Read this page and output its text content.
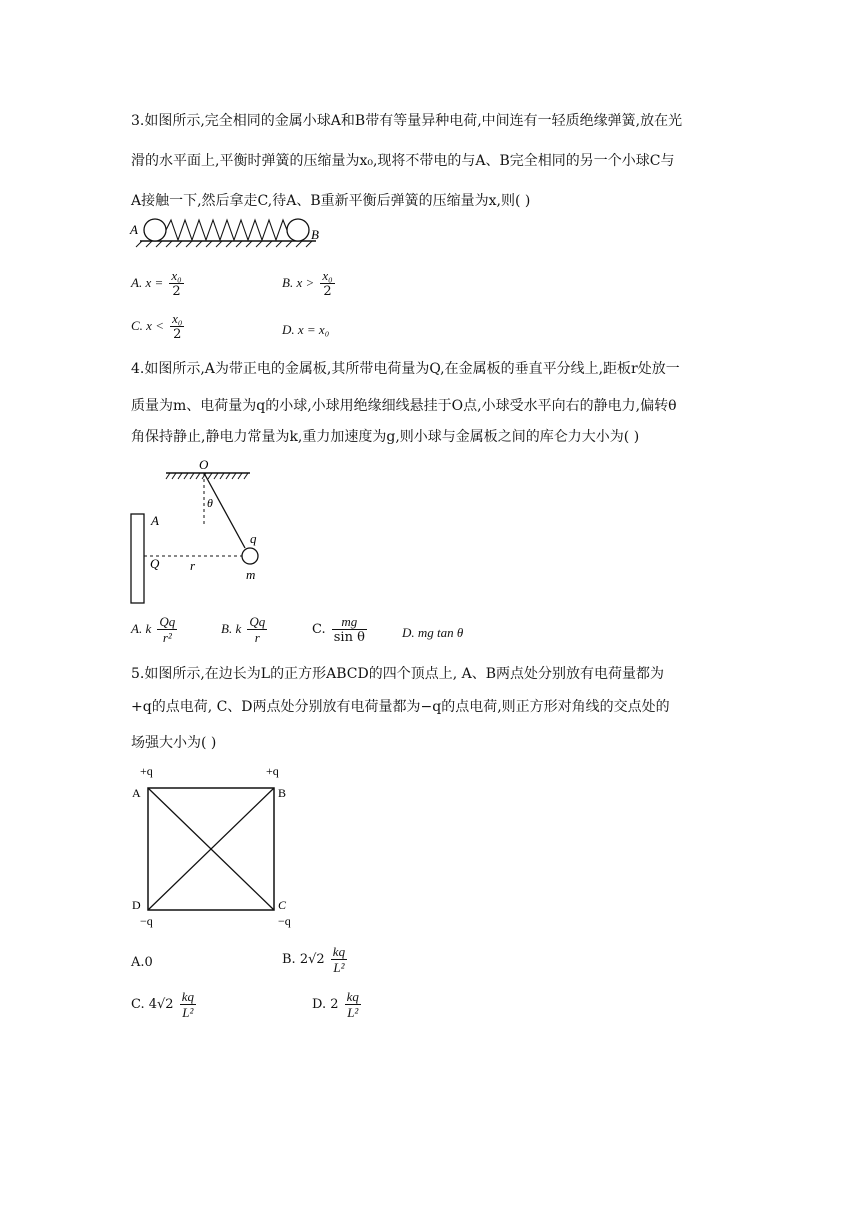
3.如图所示,完全相同的金属小球A和B带有等量异种电荷,中间连有一轻质绝缘弹簧,放在光
滑的水平面上,平衡时弹簧的压缩量为x₀,现将不带电的与A、B完全相同的另一个小球C与
A接触一下,然后拿走C,待A、B重新平衡后弹簧的压缩量为x,则( )
A	B
A. $x = \frac{\text{x₀}}{2}$	B. $x > \frac{\text{x₀}}{2}$
C. $x < \frac{\text{x₀}}{2}$	D. x = x₀
4.如图所示,A为带正电的金属板,其所带电荷量为Q,在金属板的垂直平分线上,距板r处放一
质量为m、电荷量为q的小球,小球用绝缘细线悬挂于O点,小球受水平向右的静电力,偏转θ
角保持静止,静电力常量为k,重力加速度为g,则小球与金属板之间的库仑力大小为( )
O
θ
A
Q r
q
m
A. k $\frac{Qq}{\text{r²}}$	B. k $\frac{Qq}{r}$	C. $\frac{mg}{\text{sin θ}}$	D. mg tan θ
5.如图所示,在边长为L的正方形ABCD的四个顶点上, A、B两点处分别放有电荷量都为
+q的点电荷, C、D两点处分别放有电荷量都为−q的点电荷,则正方形对角线的交点处的
场强大小为( )
+q	+q
A	B
D	C
−q	−q
A.0	B. $2√2 \frac{kq}{\text{L²}}$
C. $4√2 \frac{kq}{\text{L²}}$	D. $2 \frac{kq}{\text{L²}}$
